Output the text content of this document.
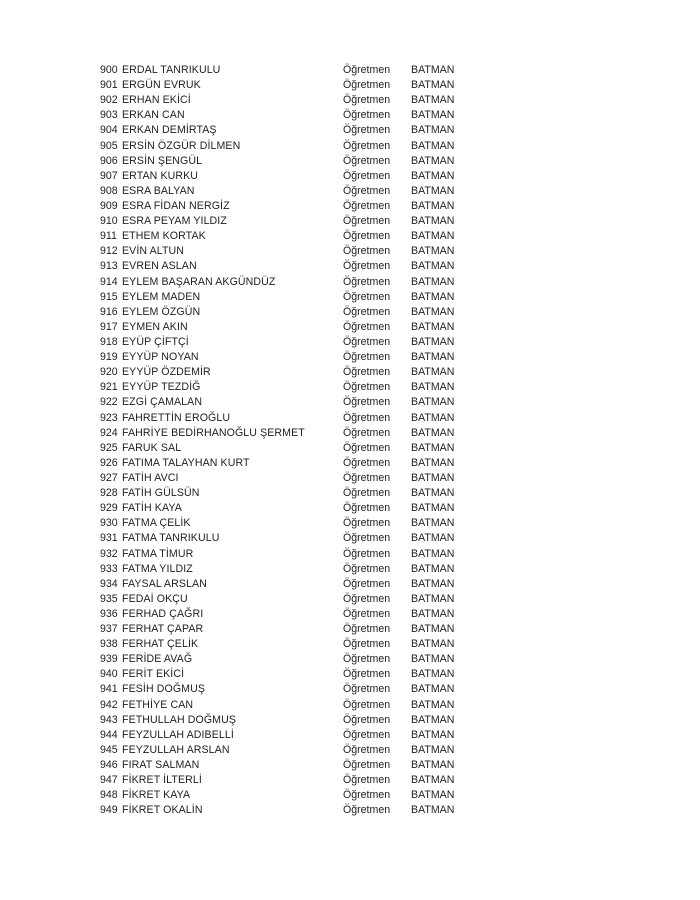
900 ERDAL TANRIKULU	Öğretmen BATMAN
901 ERGÜN EVRUK	Öğretmen BATMAN
902 ERHAN EKİCİ	Öğretmen BATMAN
903 ERKAN CAN	Öğretmen BATMAN
904 ERKAN DEMİRTAŞ	Öğretmen BATMAN
905 ERSİN ÖZGÜR DİLMEN	Öğretmen BATMAN
906 ERSİN ŞENGÜL	Öğretmen BATMAN
907 ERTAN KURKU	Öğretmen BATMAN
908 ESRA BALYAN	Öğretmen BATMAN
909 ESRA FİDAN NERGİZ	Öğretmen BATMAN
910 ESRA PEYAM YILDIZ	Öğretmen BATMAN
911 ETHEM KORTAK	Öğretmen BATMAN
912 EVİN ALTUN	Öğretmen BATMAN
913 EVREN ASLAN	Öğretmen BATMAN
914 EYLEM BAŞARAN AKGÜNDÜZ	Öğretmen BATMAN
915 EYLEM MADEN	Öğretmen BATMAN
916 EYLEM ÖZGÜN	Öğretmen BATMAN
917 EYMEN AKIN	Öğretmen BATMAN
918 EYÜP ÇİFTÇİ	Öğretmen BATMAN
919 EYYÜP NOYAN	Öğretmen BATMAN
920 EYYÜP ÖZDEMİR	Öğretmen BATMAN
921 EYYÜP TEZDİĞ	Öğretmen BATMAN
922 EZGİ ÇAMALAN	Öğretmen BATMAN
923 FAHRETTİN EROĞLU	Öğretmen BATMAN
924 FAHRİYE BEDİRHANOĞLU ŞERMET	Öğretmen BATMAN
925 FARUK SAL	Öğretmen BATMAN
926 FATIMA TALAYHAN KURT	Öğretmen BATMAN
927 FATİH AVCI	Öğretmen BATMAN
928 FATİH GÜLSÜN	Öğretmen BATMAN
929 FATİH KAYA	Öğretmen BATMAN
930 FATMA ÇELİK	Öğretmen BATMAN
931 FATMA TANRIKULU	Öğretmen BATMAN
932 FATMA TİMUR	Öğretmen BATMAN
933 FATMA YILDIZ	Öğretmen BATMAN
934 FAYSAL ARSLAN	Öğretmen BATMAN
935 FEDAİ OKÇU	Öğretmen BATMAN
936 FERHAD ÇAĞRI	Öğretmen BATMAN
937 FERHAT ÇAPAR	Öğretmen BATMAN
938 FERHAT ÇELİK	Öğretmen BATMAN
939 FERİDE AVAĞ	Öğretmen BATMAN
940 FERİT EKİCİ	Öğretmen BATMAN
941 FESİH DOĞMUŞ	Öğretmen BATMAN
942 FETHİYE CAN	Öğretmen BATMAN
943 FETHULLAH DOĞMUŞ	Öğretmen BATMAN
944 FEYZULLAH ADIBELLİ	Öğretmen BATMAN
945 FEYZULLAH ARSLAN	Öğretmen BATMAN
946 FIRAT SALMAN	Öğretmen BATMAN
947 FİKRET İLTERLİ	Öğretmen BATMAN
948 FİKRET KAYA	Öğretmen BATMAN
949 FİKRET OKALİN	Öğretmen BATMAN
